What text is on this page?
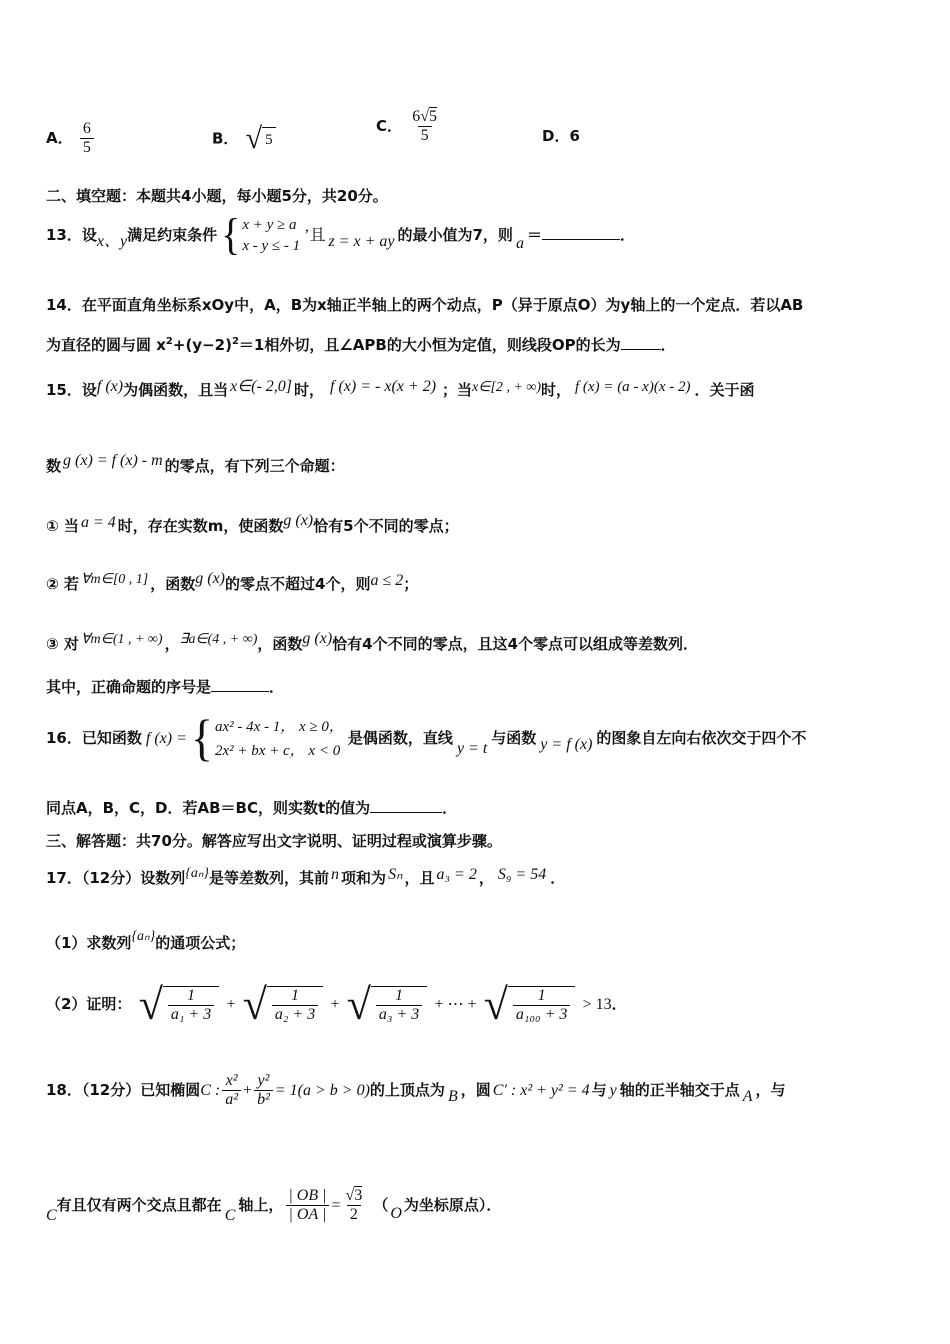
A． $\frac{6}{5}$	B． √ 5
C． $\frac{6√5}{5}$	D．6
二、填空题：本题共4小题，每小题5分，共20分。
13．设x、y满足约束条件 { x + y ≥ a
x - y ≤ - 1
’且 z = x + ay 的最小值为7，则 a ＝	．
14．在平面直角坐标系xOy中，A，B为x轴正半轴上的两个动点，P（异于原点O）为y轴上的一个定点．若以AB
为直径的圆与圆 $x^2+(y-2)^2=1$相外切，且∠APB的大小恒为定值，则线段OP的长为	．
15．设f (x)为偶函数，且当 x∈(- 2,0] 时， f (x) = - x(x + 2) ；当x∈[2 , + ∞)时， f (x) = (a - x)(x - 2) ．关于函
数 g (x) = f (x) - m 的零点，有下列三个命题：
① 当 a = 4 时，存在实数m，使函数g (x)恰有5个不同的零点；
② 若 ∀m∈[0 , 1] ，函数g (x)的零点不超过4个，则a ≤ 2；
③ 对 ∀m∈(1 , + ∞) ，∃a∈(4 , + ∞)，函数g (x)恰有4个不同的零点，且这4个零点可以组成等差数列．
其中，正确命题的序号是	．
16．已知函数 f (x) = { ax² - 4x - 1， x ≥ 0，
2x² + bx + c， x < 0
是偶函数，直线y = t与函数 y = f (x) 的图象自左向右依次交于四个不
同点A，B，C，D．若AB＝BC，则实数t的值为	．
三、解答题：共70分。解答应写出文字说明、证明过程或演算步骤。
17．（12分）设数列{aₙ}是等差数列，其前 n 项和为 Sₙ ，且 a₃ = 2 ， S₉ = 54 ．
（1）求数列{aₙ}的通项公式；
（2）证明： √ $\frac{1}{\text{a₁ + 3}}$ + √ $\frac{1}{\text{a₂ + 3}}$ + √ $\frac{1}{\text{a₃ + 3}}$ + ⋯ + √ $\frac{1}{\text{a₁₀₀ + 3}} > 13$．
18．（12分）已知椭圆C : $\frac{\text{x²}}{\text{a²}} + \frac{\text{y²}}{\text{b²}} = 1(a > b > 0)$的上顶点为 B ，圆 C′ : x² + y² = 4 与 y 轴的正半轴交于点 A ，与
C有且仅有两个交点且都在C轴上， $\frac{| OB |}{| OA |} = \frac{√3}{2}$ （ O 为坐标原点）．
